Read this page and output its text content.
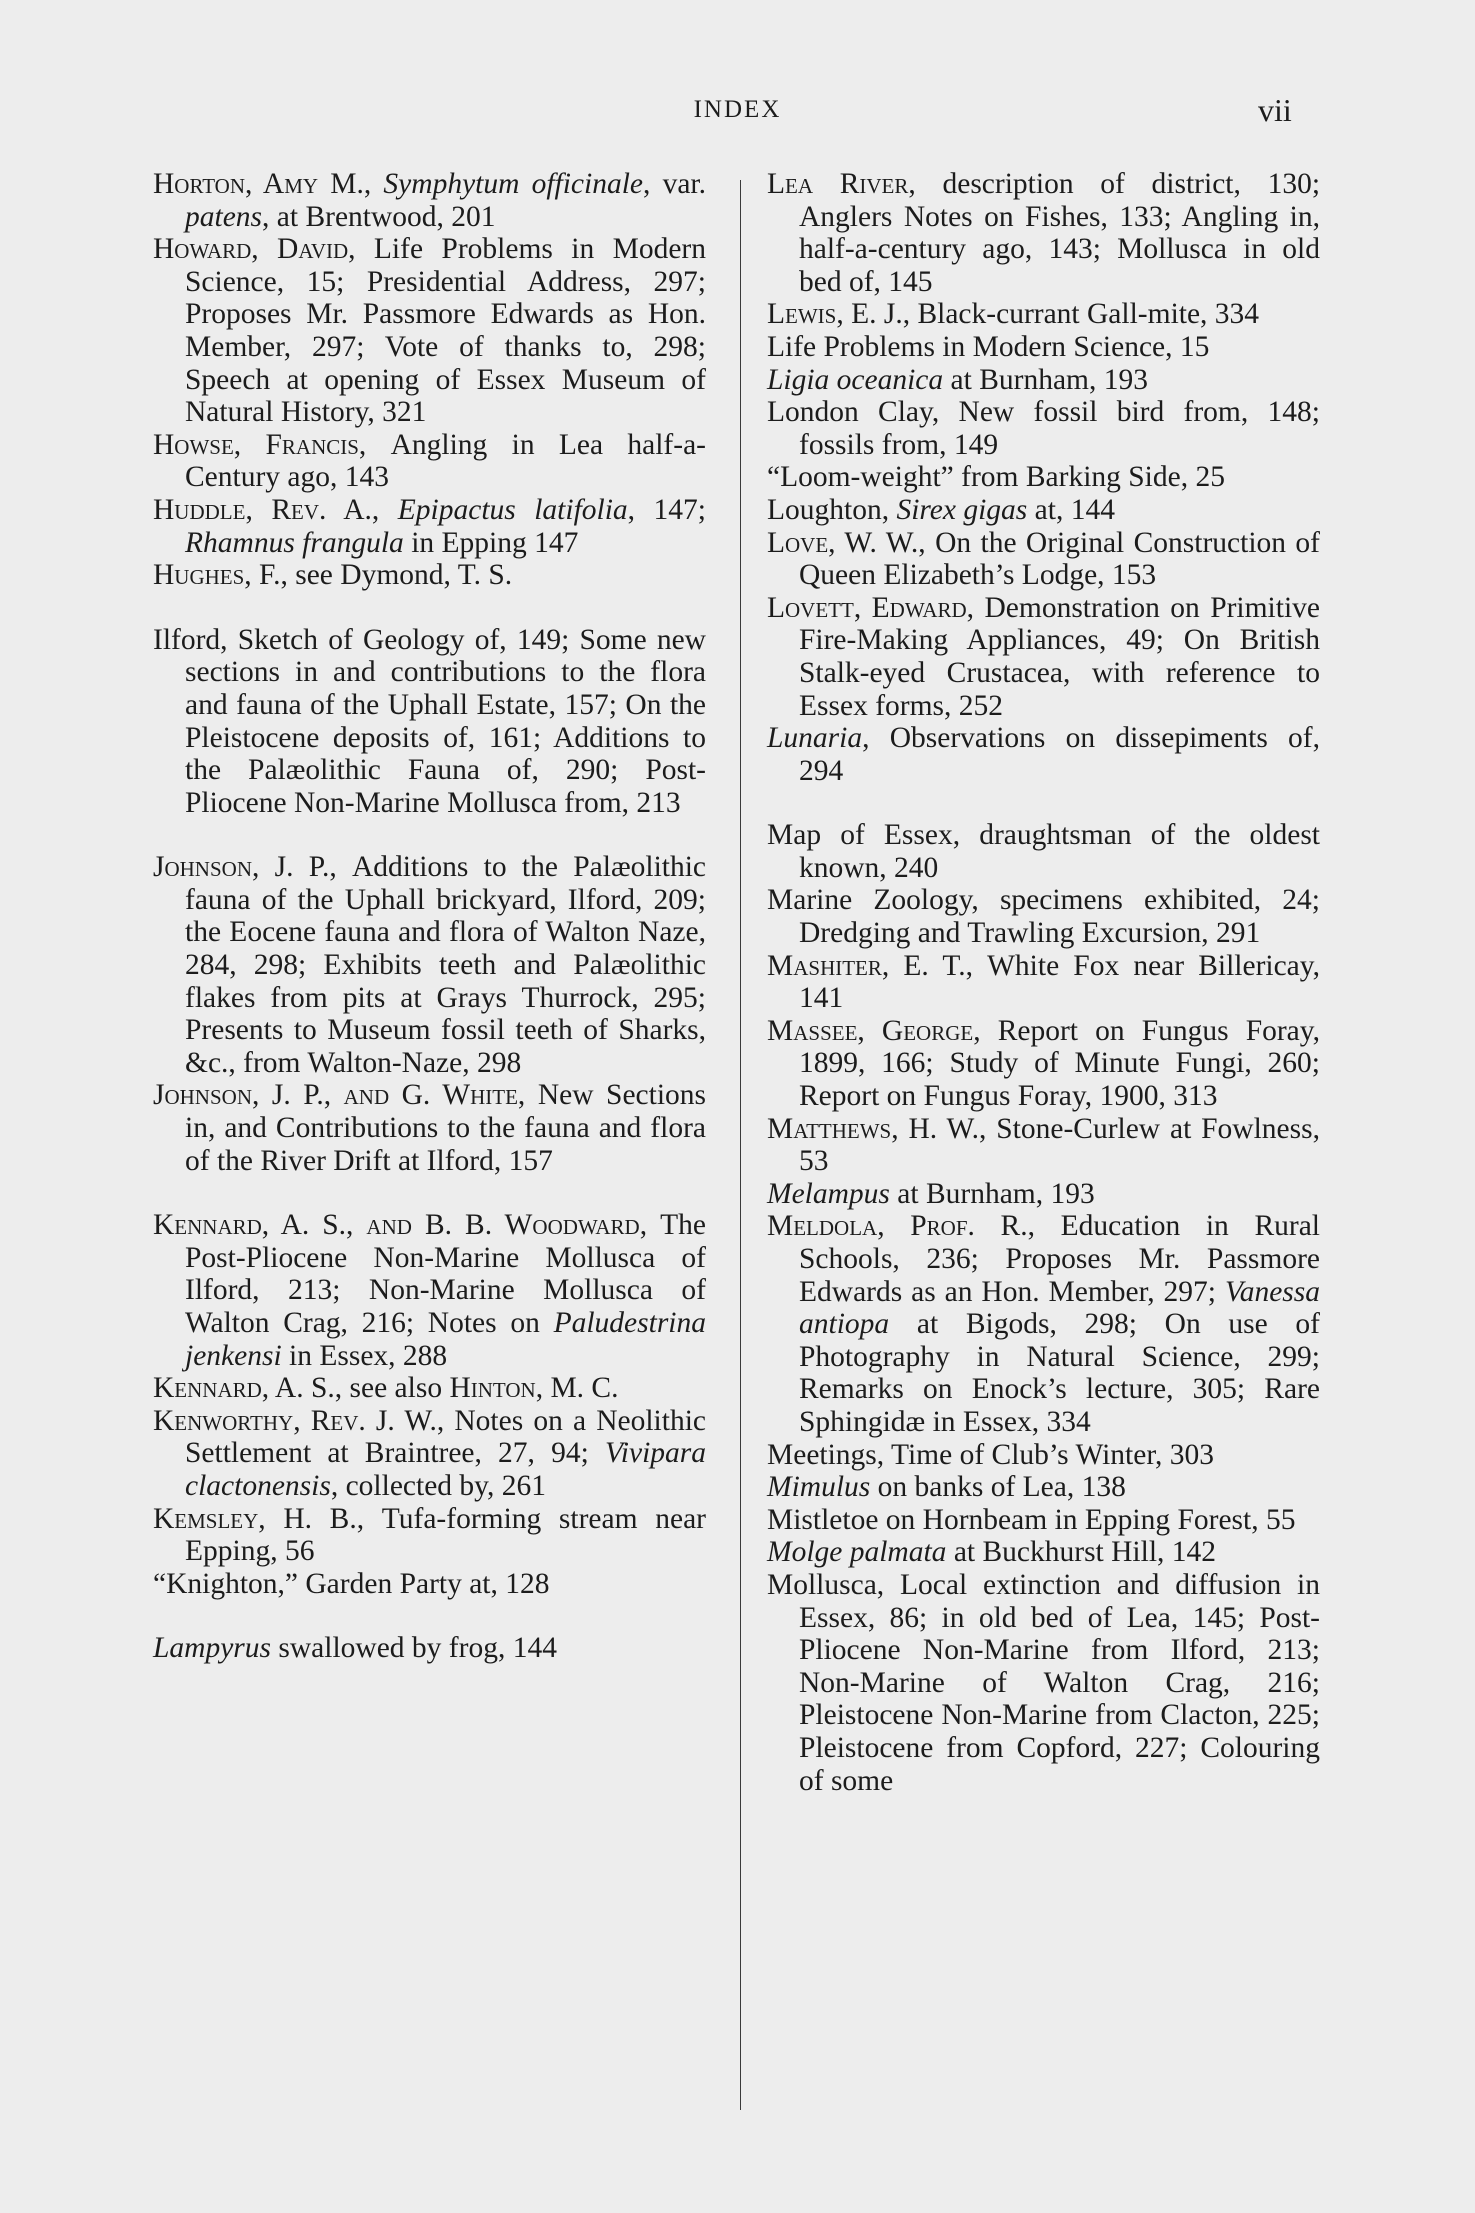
INDEX	vii

Horton, Amy M., Symphytum officinale, var. patens, at Brentwood, 201

Howard, David, Life Problems in Modern Science, 15; Presidential Address, 297; Proposes Mr. Passmore Edwards as Hon. Member, 297; Vote of thanks to, 298; Speech at opening of Essex Museum of Natural History, 321

Howse, Francis, Angling in Lea half-a-Century ago, 143

Huddle, Rev. A., Epipactus latifolia, 147; Rhamnus frangula in Epping 147

Hughes, F., see Dymond, T. S.

Ilford, Sketch of Geology of, 149; Some new sections in and contributions to the flora and fauna of the Uphall Estate, 157; On the Pleistocene deposits of, 161; Additions to the Palæolithic Fauna of, 290; Post-Pliocene Non-Marine Mollusca from, 213

Johnson, J. P., Additions to the Palæolithic fauna of the Uphall brickyard, Ilford, 209; the Eocene fauna and flora of Walton Naze, 284, 298; Exhibits teeth and Palæolithic flakes from pits at Grays Thurrock, 295; Presents to Museum fossil teeth of Sharks, &c., from Walton-Naze, 298

Johnson, J. P., and G. White, New Sections in, and Contributions to the fauna and flora of the River Drift at Ilford, 157

Kennard, A. S., and B. B. Woodward, The Post-Pliocene Non-Marine Mollusca of Ilford, 213; Non-Marine Mollusca of Walton Crag, 216; Notes on Paludestrina jenkensi in Essex, 288

Kennard, A. S., see also Hinton, M. C.

Kenworthy, Rev. J. W., Notes on a Neolithic Settlement at Braintree, 27, 94; Vivipara clactonensis, collected by, 261

Kemsley, H. B., Tufa-forming stream near Epping, 56

“Knighton,” Garden Party at, 128

Lampyrus swallowed by frog, 144

Lea River, description of district, 130; Anglers Notes on Fishes, 133; Angling in, half-a-century ago, 143; Mollusca in old bed of, 145

Lewis, E. J., Black-currant Gall-mite, 334

Life Problems in Modern Science, 15

Ligia oceanica at Burnham, 193

London Clay, New fossil bird from, 148; fossils from, 149

“Loom-weight” from Barking Side, 25

Loughton, Sirex gigas at, 144

Love, W. W., On the Original Construction of Queen Elizabeth’s Lodge, 153

Lovett, Edward, Demonstration on Primitive Fire-Making Appliances, 49; On British Stalk-eyed Crustacea, with reference to Essex forms, 252

Lunaria, Observations on dissepiments of, 294

Map of Essex, draughtsman of the oldest known, 240

Marine Zoology, specimens exhibited, 24; Dredging and Trawling Excursion, 291

Mashiter, E. T., White Fox near Billericay, 141

Massee, George, Report on Fungus Foray, 1899, 166; Study of Minute Fungi, 260; Report on Fungus Foray, 1900, 313

Matthews, H. W., Stone-Curlew at Fowlness, 53

Melampus at Burnham, 193

Meldola, Prof. R., Education in Rural Schools, 236; Proposes Mr. Passmore Edwards as an Hon. Member, 297; Vanessa antiopa at Bigods, 298; On use of Photography in Natural Science, 299; Remarks on Enock’s lecture, 305; Rare Sphingidæ in Essex, 334

Meetings, Time of Club’s Winter, 303

Mimulus on banks of Lea, 138

Mistletoe on Hornbeam in Epping Forest, 55

Molge palmata at Buckhurst Hill, 142

Mollusca, Local extinction and diffusion in Essex, 86; in old bed of Lea, 145; Post-Pliocene Non-Marine from Ilford, 213; Non-Marine of Walton Crag, 216; Pleistocene Non-Marine from Clacton, 225; Pleistocene from Copford, 227; Colouring of some
